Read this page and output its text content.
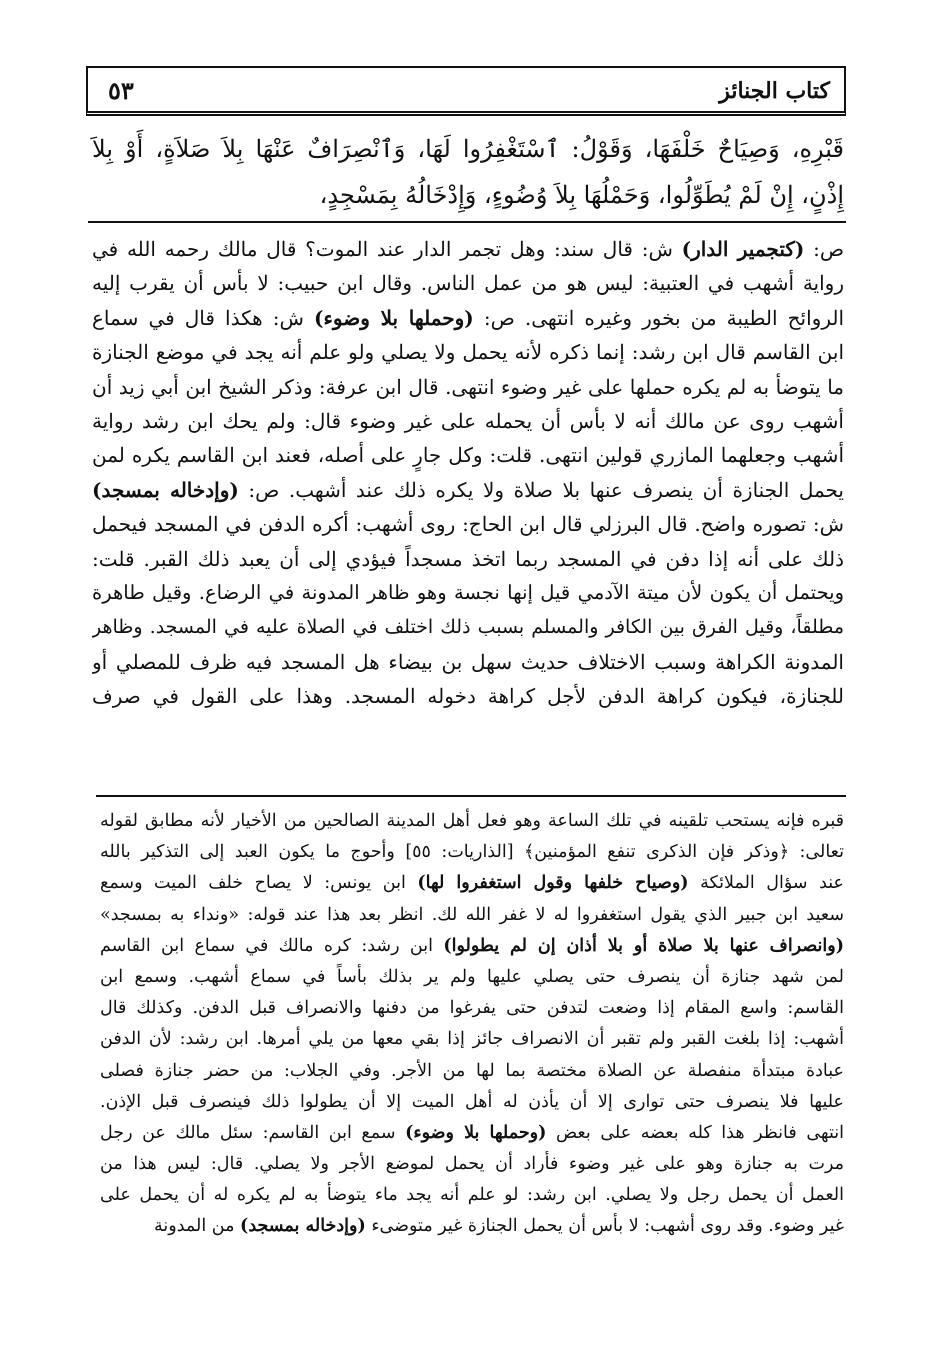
٥٣	كتاب الجنائز
قَبْرِهِ، وَصِيَاحٌ خَلْفَهَا، وَقَوْلُ: ٱسْتَغْفِرُوا لَهَا، وَٱنْصِرَافٌ عَنْهَا بِلاَ صَلاَةٍ، أَوْ بِلاَ إِذْنٍ، إِنْ لَمْ يُطَوِّلُوا، وَحَمْلُهَا بِلاَ وُضُوءٍ، وَإِدْخَالُهُ بِمَسْجِدٍ،
ص: (كتجمير الدار) ش: قال سند: وهل تجمر الدار عند الموت؟ قال مالك رحمه الله في
رواية أشهب في العتبية: ليس هو من عمل الناس. وقال ابن حبيب: لا بأس أن يقرب إليه
الروائح الطيبة من بخور وغيره انتهى. ص: (وحملها بلا وضوء) ش: هكذا قال في سماع
ابن القاسم قال ابن رشد: إنما ذكره لأنه يحمل ولا يصلي ولو علم أنه يجد في موضع الجنازة
ما يتوضأ به لم يكره حملها على غير وضوء انتهى. قال ابن عرفة: وذكر الشيخ ابن أبي زيد أن
أشهب روى عن مالك أنه لا بأس أن يحمله على غير وضوء قال: ولم يحك ابن رشد رواية
أشهب وجعلهما المازري قولين انتهى. قلت: وكل جارٍ على أصله، فعند ابن القاسم يكره لمن
يحمل الجنازة أن ينصرف عنها بلا صلاة ولا يكره ذلك عند أشهب. ص: (وإدخاله بمسجد)
ش: تصوره واضح. قال البرزلي قال ابن الحاج: روى أشهب: أكره الدفن في المسجد فيحمل
ذلك على أنه إذا دفن في المسجد ربما اتخذ مسجداً فيؤدي إلى أن يعبد ذلك القبر. قلت:
ويحتمل أن يكون لأن ميتة الآدمي قيل إنها نجسة وهو ظاهر المدونة في الرضاع. وقيل طاهرة
مطلقاً، وقيل الفرق بين الكافر والمسلم بسبب ذلك اختلف في الصلاة عليه في المسجد. وظاهر
المدونة الكراهة وسبب الاختلاف حديث سهل بن بيضاء هل المسجد فيه ظرف للمصلي أو
للجنازة، فيكون كراهة الدفن لأجل كراهة دخوله المسجد. وهذا على القول في صرف
قبره فإنه يستحب تلقينه في تلك الساعة وهو فعل أهل المدينة الصالحين من الأخيار لأنه مطابق لقوله
تعالى: ﴿وذكر فإن الذكرى تنفع المؤمنين﴾ [الذاريات: ٥٥] وأحوج ما يكون العبد إلى التذكير بالله
عند سؤال الملائكة (وصياح خلفها وقول استغفروا لها) ابن يونس: لا يصاح خلف الميت وسمع
سعيد ابن جبير الذي يقول استغفروا له لا غفر الله لك. انظر بعد هذا عند قوله: «ونداء به بمسجد»
(وانصراف عنها بلا صلاة أو بلا أذان إن لم يطولوا) ابن رشد: كره مالك في سماع ابن القاسم
لمن شهد جنازة أن ينصرف حتى يصلي عليها ولم ير بذلك بأساً في سماع أشهب. وسمع ابن
القاسم: واسع المقام إذا وضعت لتدفن حتى يفرغوا من دفنها والانصراف قبل الدفن. وكذلك قال
أشهب: إذا بلغت القبر ولم تقبر أن الانصراف جائز إذا بقي معها من يلي أمرها. ابن رشد: لأن الدفن
عبادة مبتدأة منفصلة عن الصلاة مختصة بما لها من الأجر. وفي الجلاب: من حضر جنازة فصلى
عليها فلا ينصرف حتى توارى إلا أن يأذن له أهل الميت إلا أن يطولوا ذلك فينصرف قبل الإذن.
انتهى فانظر هذا كله بعضه على بعض (وحملها بلا وضوء) سمع ابن القاسم: سئل مالك عن رجل
مرت به جنازة وهو على غير وضوء فأراد أن يحمل لموضع الأجر ولا يصلي. قال: ليس هذا من
العمل أن يحمل رجل ولا يصلي. ابن رشد: لو علم أنه يجد ماء يتوضأ به لم يكره له أن يحمل على
غير وضوء. وقد روى أشهب: لا بأس أن يحمل الجنازة غير متوضىء (وإدخاله بمسجد) من المدونة
